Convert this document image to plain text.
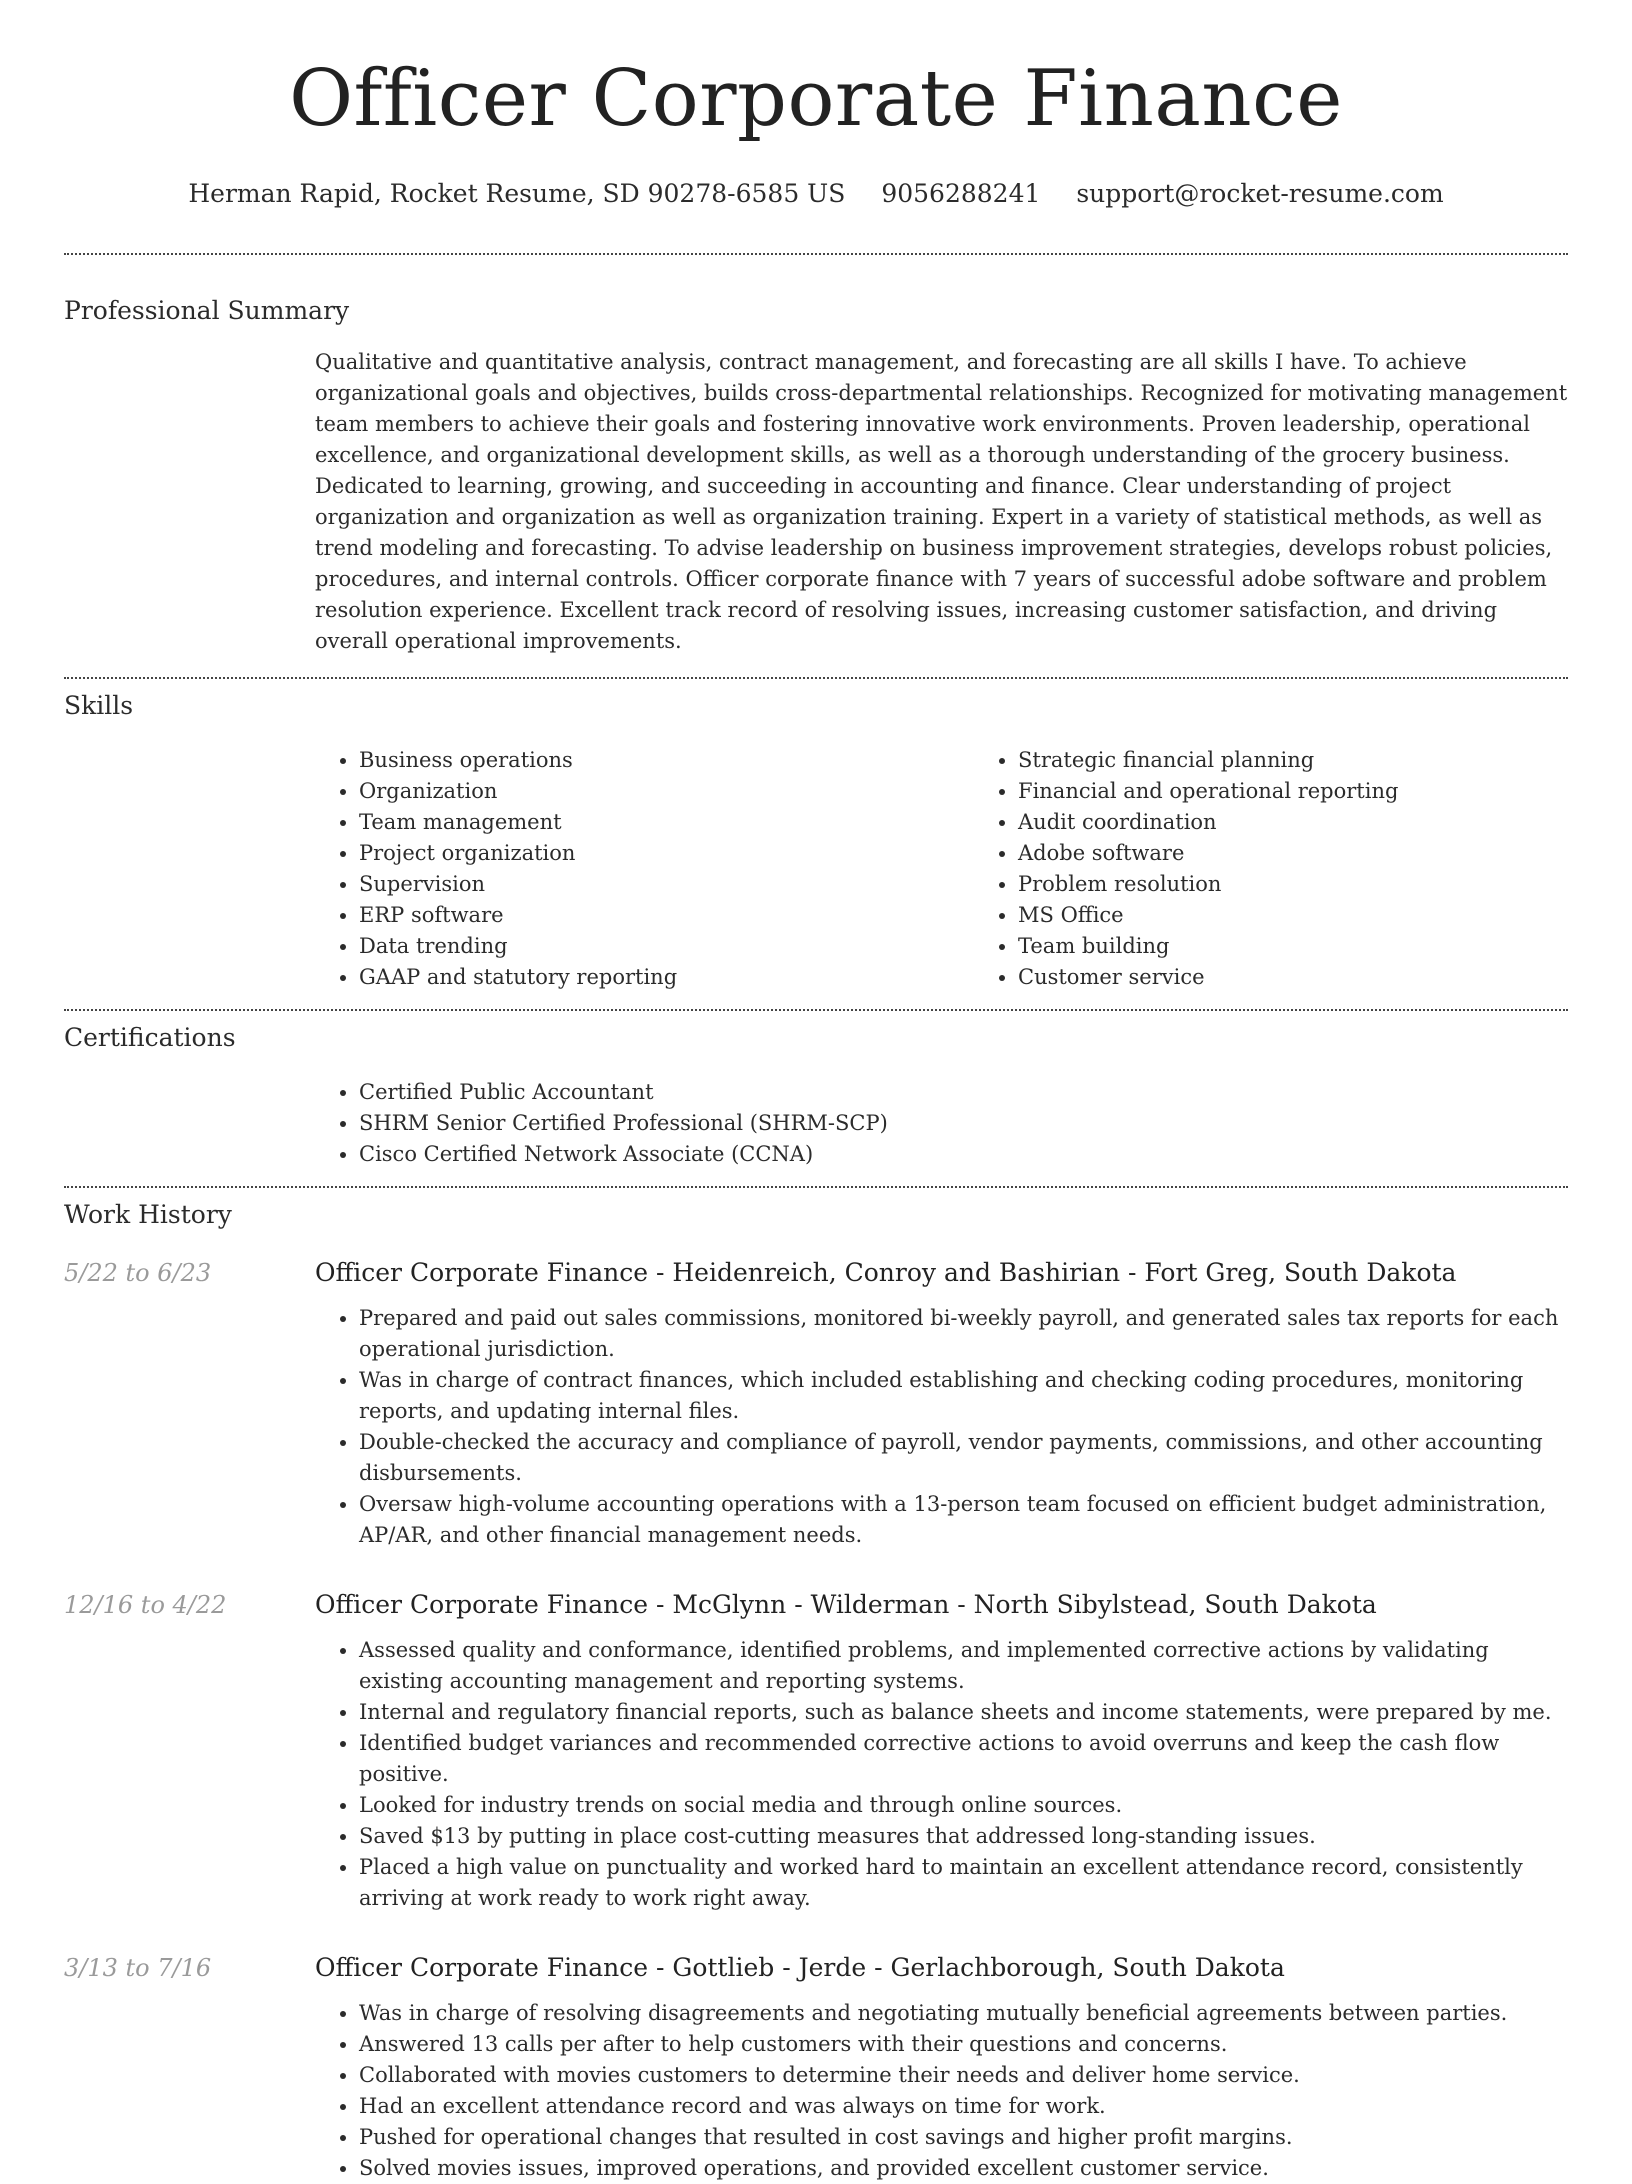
Officer Corporate Finance
Herman Rapid, Rocket Resume, SD 90278-6585 US 9056288241 support@rocket-resume.com
Professional Summary

Qualitative and quantitative analysis, contract management, and forecasting are all skills I have. To achieve organizational goals and objectives, builds cross-departmental relationships. Recognized for motivating management team members to achieve their goals and fostering innovative work environments. Proven leadership, operational excellence, and organizational development skills, as well as a thorough understanding of the grocery business. Dedicated to learning, growing, and succeeding in accounting and finance. Clear understanding of project organization and organization as well as organization training. Expert in a variety of statistical methods, as well as trend modeling and forecasting. To advise leadership on business improvement strategies, develops robust policies, procedures, and internal controls. Officer corporate finance with 7 years of successful adobe software and problem resolution experience. Excellent track record of resolving issues, increasing customer satisfaction, and driving overall operational improvements.

Skills
• Business operations
• Organization
• Team management
• Project organization
• Supervision
• ERP software
• Data trending
• GAAP and statutory reporting
• Strategic financial planning
• Financial and operational reporting
• Audit coordination
• Adobe software
• Problem resolution
• MS Office
• Team building
• Customer service
Certifications
• Certified Public Accountant
• SHRM Senior Certified Professional (SHRM-SCP)
• Cisco Certified Network Associate (CCNA)
Work History
5/22 to 6/23	Officer Corporate Finance - Heidenreich, Conroy and Bashirian - Fort Greg, South Dakota
• Prepared and paid out sales commissions, monitored bi-weekly payroll, and generated sales tax reports for each operational jurisdiction.
• Was in charge of contract finances, which included establishing and checking coding procedures, monitoring reports, and updating internal files.
• Double-checked the accuracy and compliance of payroll, vendor payments, commissions, and other accounting disbursements.
• Oversaw high-volume accounting operations with a 13-person team focused on efficient budget administration, AP/AR, and other financial management needs.
12/16 to 4/22	Officer Corporate Finance - McGlynn - Wilderman - North Sibylstead, South Dakota
• Assessed quality and conformance, identified problems, and implemented corrective actions by validating existing accounting management and reporting systems.
• Internal and regulatory financial reports, such as balance sheets and income statements, were prepared by me.
• Identified budget variances and recommended corrective actions to avoid overruns and keep the cash flow positive.
• Looked for industry trends on social media and through online sources.
• Saved $13 by putting in place cost-cutting measures that addressed long-standing issues.
• Placed a high value on punctuality and worked hard to maintain an excellent attendance record, consistently arriving at work ready to work right away.
3/13 to 7/16	Officer Corporate Finance - Gottlieb - Jerde - Gerlachborough, South Dakota
• Was in charge of resolving disagreements and negotiating mutually beneficial agreements between parties.
• Answered 13 calls per after to help customers with their questions and concerns.
• Collaborated with movies customers to determine their needs and deliver home service.
• Had an excellent attendance record and was always on time for work.
• Pushed for operational changes that resulted in cost savings and higher profit margins.
• Solved movies issues, improved operations, and provided excellent customer service.
